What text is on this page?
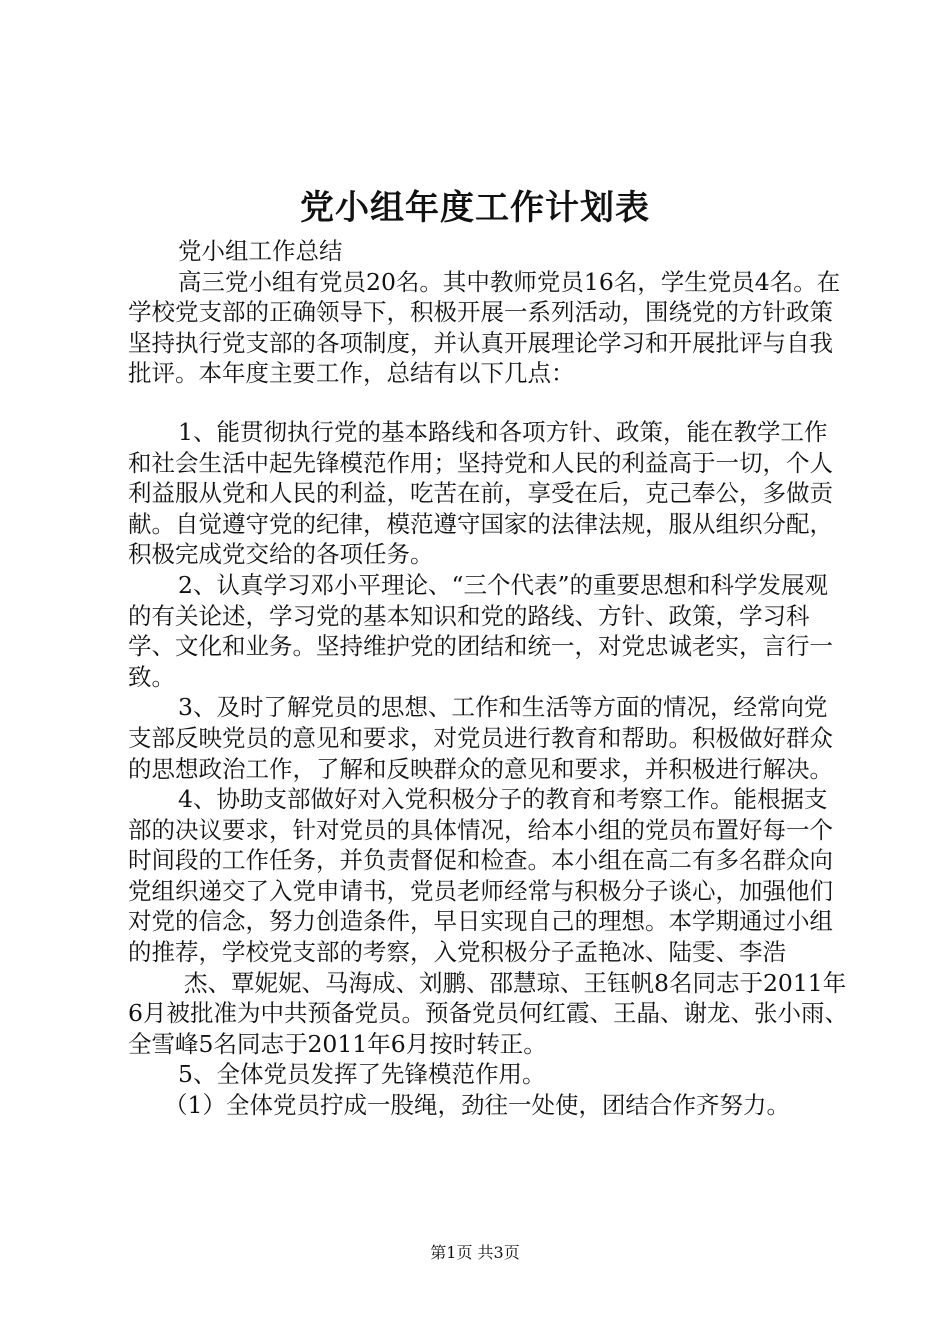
党小组年度工作计划表

党小组工作总结

高三党小组有党员20名。其中教师党员16名，学生党员4名。在学校党支部的正确领导下，积极开展一系列活动，围绕党的方针政策坚持执行党支部的各项制度，并认真开展理论学习和开展批评与自我批评。本年度主要工作，总结有以下几点：

1、能贯彻执行党的基本路线和各项方针、政策，能在教学工作和社会生活中起先锋模范作用；坚持党和人民的利益高于一切，个人利益服从党和人民的利益，吃苦在前，享受在后，克己奉公，多做贡献。自觉遵守党的纪律，模范遵守国家的法律法规，服从组织分配，积极完成党交给的各项任务。

2、认真学习邓小平理论、“三个代表”的重要思想和科学发展观的有关论述，学习党的基本知识和党的路线、方针、政策，学习科学、文化和业务。坚持维护党的团结和统一，对党忠诚老实，言行一致。

3、及时了解党员的思想、工作和生活等方面的情况，经常向党支部反映党员的意见和要求，对党员进行教育和帮助。积极做好群众的思想政治工作，了解和反映群众的意见和要求，并积极进行解决。

4、协助支部做好对入党积极分子的教育和考察工作。能根据支部的决议要求，针对党员的具体情况，给本小组的党员布置好每一个时间段的工作任务，并负责督促和检查。本小组在高二有多名群众向党组织递交了入党申请书，党员老师经常与积极分子谈心，加强他们对党的信念，努力创造条件，早日实现自己的理想。本学期通过小组的推荐，学校党支部的考察，入党积极分子孟艳冰、陆雯、李浩

杰、覃妮妮、马海成、刘鹏、邵慧琼、王钰帆8名同志于2011年6月被批准为中共预备党员。预备党员何红霞、王晶、谢龙、张小雨、全雪峰5名同志于2011年6月按时转正。

5、全体党员发挥了先锋模范作用。

（1）全体党员拧成一股绳，劲往一处使，团结合作齐努力。

第1页 共3页
